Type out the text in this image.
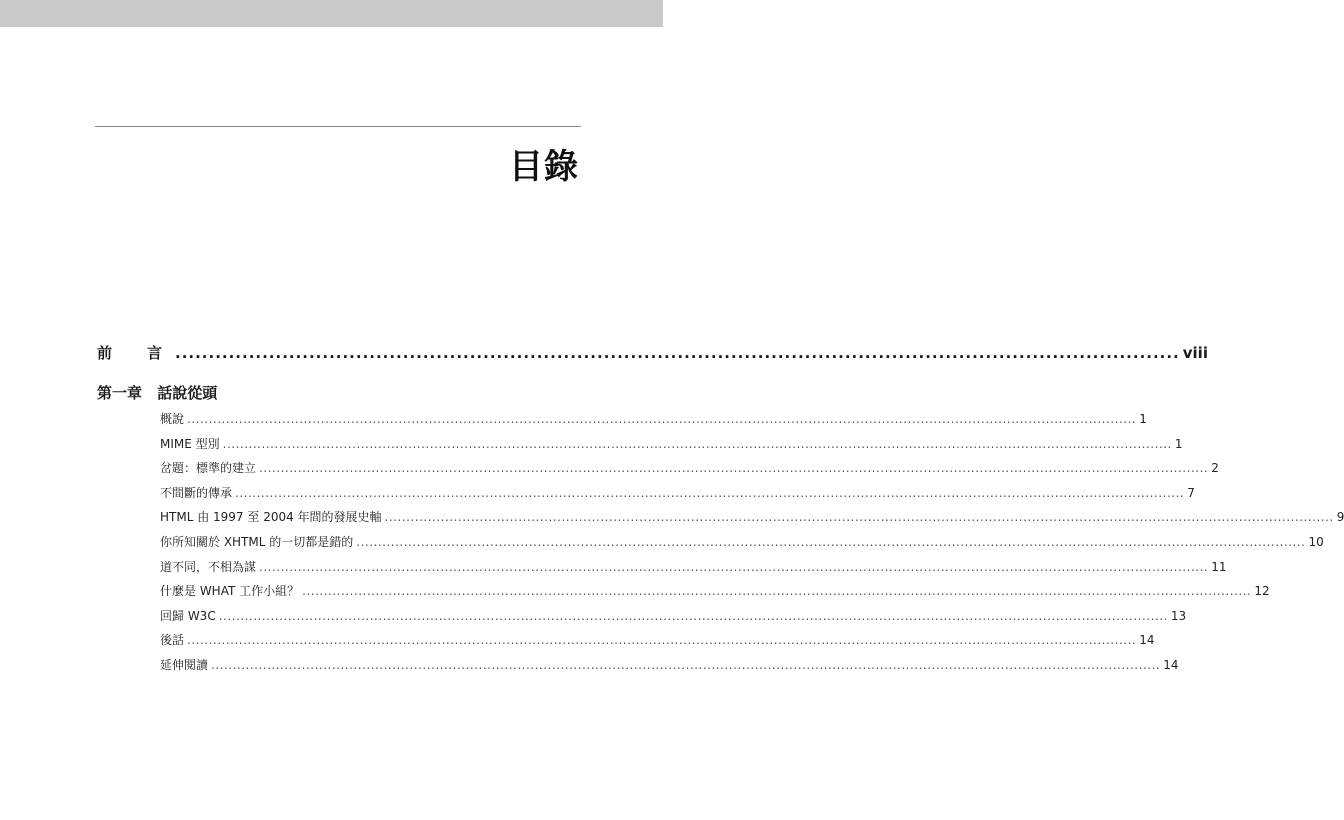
目錄
前　言 ...................................................................................................................................................... viii
第一章 話說從頭
概說 ............................................................................................................................................................................................................................ 1
MIME 型別 ............................................................................................................................................................................................................................ 1
岔題：標準的建立 ............................................................................................................................................................................................................................ 2
不間斷的傳承 ............................................................................................................................................................................................................................ 7
HTML 由 1997 至 2004 年間的發展史軸 ............................................................................................................................................................................................................................ 9
你所知關於 XHTML 的一切都是錯的 ............................................................................................................................................................................................................................ 10
道不同，不相為謀 ............................................................................................................................................................................................................................ 11
什麼是 WHAT 工作小組？ ............................................................................................................................................................................................................................ 12
回歸 W3C ............................................................................................................................................................................................................................ 13
後話 ............................................................................................................................................................................................................................ 14
延伸閱讀 ............................................................................................................................................................................................................................ 14
